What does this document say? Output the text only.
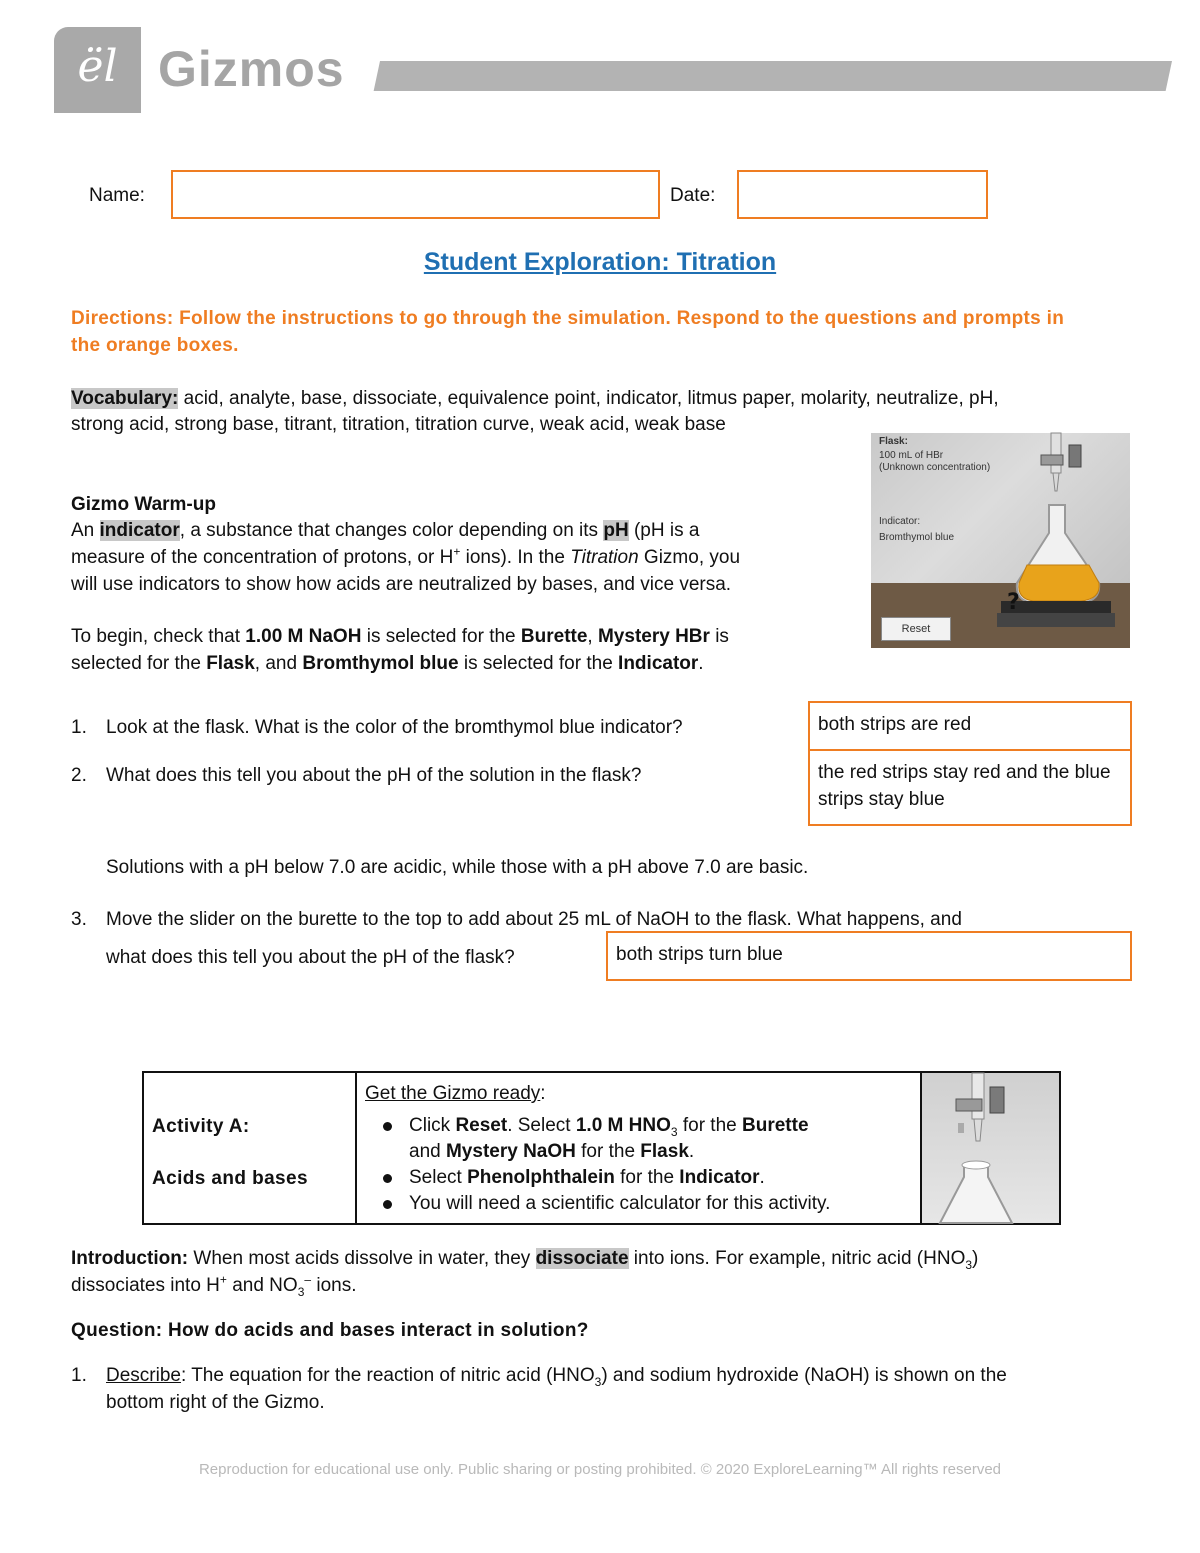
ël Gizmos
Name:	Date:
Student Exploration: Titration
Directions: Follow the instructions to go through the simulation. Respond to the questions and prompts in the orange boxes.
Vocabulary: acid, analyte, base, dissociate, equivalence point, indicator, litmus paper, molarity, neutralize, pH,
strong acid, strong base, titrant, titration, titration curve, weak acid, weak base
Flask:
100 mL of HBr
(Unknown concentration)
Indicator:
Bromthymol blue
?
Reset
Gizmo Warm-up
An indicator, a substance that changes color depending on its pH (pH is a
measure of the concentration of protons, or H+ ions). In the Titration Gizmo, you
will use indicators to show how acids are neutralized by bases, and vice versa.
To begin, check that 1.00 M NaOH is selected for the Burette, Mystery HBr is
selected for the Flask, and Bromthymol blue is selected for the Indicator.
1. Look at the flask. What is the color of the bromthymol blue indicator?	both strips are red
2. What does this tell you about the pH of the solution in the flask?	the red strips stay red and the blue strips stay blue
Solutions with a pH below 7.0 are acidic, while those with a pH above 7.0 are basic.
3. Move the slider on the burette to the top to add about 25 mL of NaOH to the flask. What happens, and
what does this tell you about the pH of the flask?	both strips turn blue
Activity A:
Acids and bases
Get the Gizmo ready:
Click Reset. Select 1.0 M $HNO_3$ for the Burette
and Mystery NaOH for the Flask.
Select Phenolphthalein for the Indicator.
You will need a scientific calculator for this activity.
Introduction: When most acids dissolve in water, they dissociate into ions. For example, nitric acid $(HNO_3)$
dissociates into H+ and $NO_3^-$ ions.
Question: How do acids and bases interact in solution?
1. Describe: The equation for the reaction of nitric acid $(HNO_3)$ and sodium hydroxide (NaOH) is shown on the
bottom right of the Gizmo.
Reproduction for educational use only. Public sharing or posting prohibited. © 2020 ExploreLearning™ All rights reserved
